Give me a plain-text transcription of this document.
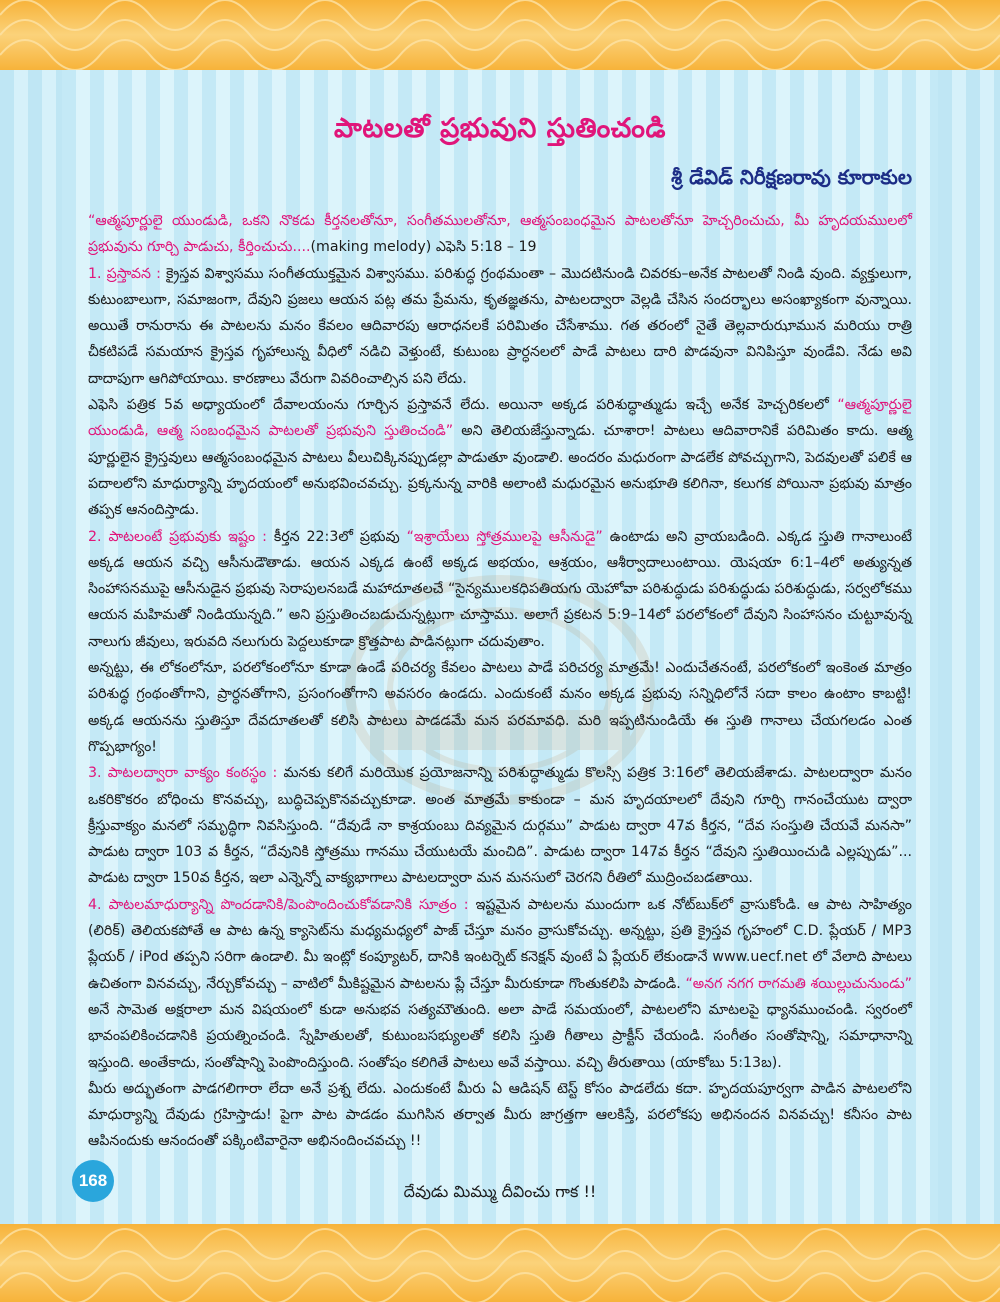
పాటలతో ప్రభువుని స్తుతించండి
శ్రీ డేవిడ్ నిరీక్షణరావు కూరాకుల

“ఆత్మపూర్ణులై యుండుడి, ఒకని నొకడు కీర్తనలతోనూ, సంగీతములతోనూ, ఆత్మసంబంధమైన పాటలతోనూ హెచ్చరించుచు, మీ హృదయములలో ప్రభువును గూర్చి పాడుచు, కీర్తించుచు....(making melody) ఎఫెసి 5:18 – 19

1. ప్రస్తావన : క్రైస్తవ విశ్వాసము సంగీతయుక్తమైన విశ్వాసము. పరిశుద్ధ గ్రంథమంతా – మొదటినుండి చివరకు–అనేక పాటలతో నిండి వుంది. వ్యక్తులుగా, కుటుంబాలుగా, సమాజంగా, దేవుని ప్రజలు ఆయన పట్ల తమ ప్రేమను, కృతజ్ఞతను, పాటలద్వారా వెల్లడి చేసిన సందర్భాలు అసంఖ్యాకంగా వున్నాయి. అయితే రానురాను ఈ పాటలను మనం కేవలం ఆదివారపు ఆరాధనలకే పరిమితం చేసేశాము. గత తరంలో నైతే తెల్లవారుఝామున మరియు రాత్రి చీకటిపడే సమయాన క్రైస్తవ గృహాలున్న వీధిలో నడిచి వెళ్తుంటే, కుటుంబ ప్రార్ధనలలో పాడే పాటలు దారి పొడవునా వినిపిస్తూ వుండేవి. నేడు అవి దాదాపుగా ఆగిపోయాయి. కారణాలు వేరుగా వివరించాల్సిన పని లేదు.

ఎఫెసి పత్రిక 5వ అధ్యాయంలో దేవాలయంను గూర్చిన ప్రస్తావనే లేదు. అయినా అక్కడ పరిశుద్ధాత్ముడు ఇచ్చే అనేక హెచ్చరికలలో “ఆత్మపూర్ణులై యుండుడి, ఆత్మ సంబంధమైన పాటలతో ప్రభువుని స్తుతించండి” అని తెలియజేస్తున్నాడు. చూశారా! పాటలు ఆదివారానికే పరిమితం కాదు. ఆత్మ పూర్ణులైన క్రైస్తవులు ఆత్మసంబంధమైన పాటలు వీలుచిక్కినప్పుడల్లా పాడుతూ వుండాలి. అందరం మధురంగా పాడలేక పోవచ్చుగాని, పెదవులతో పలికే ఆ పదాలలోని మాధుర్యాన్ని హృదయంలో అనుభవించవచ్చు. ప్రక్కనున్న వారికి అలాంటి మధురమైన అనుభూతి కలిగినా, కలుగక పోయినా ప్రభువు మాత్రం తప్పక ఆనందిస్తాడు.

2. పాటలంటే ప్రభువుకు ఇష్టం : కీర్తన 22:3లో ప్రభువు “ఇశ్రాయేలు స్తోత్రములపై ఆసీనుడై” ఉంటాడు అని వ్రాయబడింది. ఎక్కడ స్తుతి గానాలుంటే అక్కడ ఆయన వచ్చి ఆసీనుడౌతాడు. ఆయన ఎక్కడ ఉంటే అక్కడ అభయం, ఆశ్రయం, ఆశీర్వాదాలుంటాయి. యెషయా 6:1–4లో అత్యున్నత సింహాసనముపై ఆసీనుడైన ప్రభువు సెరాపులనబడే మహాదూతలచే “సైన్యములకధిపతియగు యెహోవా పరిశుద్ధుడు పరిశుద్ధుడు పరిశుద్ధుడు, సర్వలోకము ఆయన మహిమతో నిండియున్నది.” అని ప్రస్తుతించబడుచున్నట్లుగా చూస్తాము. అలాగే ప్రకటన 5:9–14లో పరలోకంలో దేవుని సింహాసనం చుట్టూవున్న నాలుగు జీవులు, ఇరువది నలుగురు పెద్దలుకూడా క్రొత్తపాట పాడినట్లుగా చదువుతాం.

అన్నట్టు, ఈ లోకంలోనూ, పరలోకంలోనూ కూడా ఉండే పరిచర్య కేవలం పాటలు పాడే పరిచర్య మాత్రమే! ఎందుచేతనంటే, పరలోకంలో ఇంకెంత మాత్రం పరిశుద్ధ గ్రంథంతోగాని, ప్రార్ధనతోగాని, ప్రసంగంతోగాని అవసరం ఉండదు. ఎందుకంటే మనం అక్కడ ప్రభువు సన్నిధిలోనే సదా కాలం ఉంటాం కాబట్టి! అక్కడ ఆయనను స్తుతిస్తూ దేవదూతలతో కలిసి పాటలు పాడడమే మన పరమావధి. మరి ఇప్పటినుండియే ఈ స్తుతి గానాలు చేయగలడం ఎంత గొప్పభాగ్యం!

3. పాటలద్వారా వాక్యం కంఠస్థం : మనకు కలిగే మరియొక ప్రయోజనాన్ని పరిశుద్ధాత్ముడు కొలస్సి పత్రిక 3:16లో తెలియజేశాడు. పాటలద్వారా మనం ఒకరికొకరం బోధించు కొనవచ్చు, బుద్ధిచెప్పకొనవచ్చుకూడా. అంత మాత్రమే కాకుండా – మన హృదయాలలో దేవుని గూర్చి గానంచేయుట ద్వారా క్రీస్తువాక్యం మనలో సమృద్ధిగా నివసిస్తుంది. “దేవుడే నా కాశ్రయంబు దివ్యమైన దుర్గము” పాడుట ద్వారా 47వ కీర్తన, “దేవ సంస్తుతి చేయవే మనసా” పాడుట ద్వారా 103 వ కీర్తన, “దేవునికి స్తోత్రము గానము చేయుటయే మంచిది”. పాడుట ద్వారా 147వ కీర్తన “దేవుని స్తుతియించుడి ఎల్లప్పుడు”... పాడుట ద్వారా 150వ కీర్తన, ఇలా ఎన్నెన్నో వాక్యభాగాలు పాటలద్వారా మన మనసులో చెరగని రీతిలో ముద్రించబడతాయి.

4. పాటలమాధుర్యాన్ని పొందడానికి/పెంపొందించుకోవడానికి సూత్రం : ఇష్టమైన పాటలను ముందుగా ఒక నోట్‌బుక్‌లో వ్రాసుకోండి. ఆ పాట సాహిత్యం (లిరిక్) తెలియకపోతే ఆ పాట ఉన్న క్యాసెట్‌ను మధ్యమధ్యలో పాజ్ చేస్తూ మనం వ్రాసుకోవచ్చు. అన్నట్టు, ప్రతి క్రైస్తవ గృహంలో C.D. ప్లేయర్ / MP3 ప్లేయర్ / iPod తప్పని సరిగా ఉండాలి. మీ ఇంట్లో కంప్యూటర్, దానికి ఇంటర్నెట్ కనెక్షన్ వుంటే ఏ ప్లేయర్ లేకుండానే www.uecf.net లో వేలాది పాటలు ఉచితంగా వినవచ్చు, నేర్చుకోవచ్చు – వాటిలో మీకిష్టమైన పాటలను ప్లే చేస్తూ మీరుకూడా గొంతుకలిపి పాడండి. “అనగ నగగ రాగమతి శయిల్లుచునుండు” అనే సామెత అక్షరాలా మన విషయంలో కుడా అనుభవ సత్యమౌతుంది. అలా పాడే సమయంలో, పాటలలోని మాటలపై ధ్యానముంచండి. స్వరంలో భావంపలికించడానికి ప్రయత్నించండి. స్నేహితులతో, కుటుంబసభ్యులతో కలిసి స్తుతి గీతాలు ప్రాక్టీస్ చేయండి. సంగీతం సంతోషాన్ని, సమాధానాన్ని ఇస్తుంది. అంతేకాదు, సంతోషాన్ని పెంపొందిస్తుంది. సంతోషం కలిగితే పాటలు అవే వస్తాయి. వచ్చి తీరుతాయి (యాకోబు 5:13బ).

మీరు అద్భుతంగా పాడగలిగారా లేదా అనే ప్రశ్న లేదు. ఎందుకంటే మీరు ఏ ఆడిషన్ టెస్ట్ కోసం పాడలేదు కదా. హృదయపూర్వగా పాడిన పాటలలోని మాధుర్యాన్ని దేవుడు గ్రహిస్తాడు! పైగా పాట పాడడం ముగిసిన తర్వాత మీరు జాగ్రత్తగా ఆలకిస్తే, పరలోకపు అభినందన వినవచ్చు! కనీసం పాట ఆపినందుకు ఆనందంతో పక్కింటివారైనా అభినందించవచ్చు !!

168
దేవుడు మిమ్ము దీవించు గాక !!
